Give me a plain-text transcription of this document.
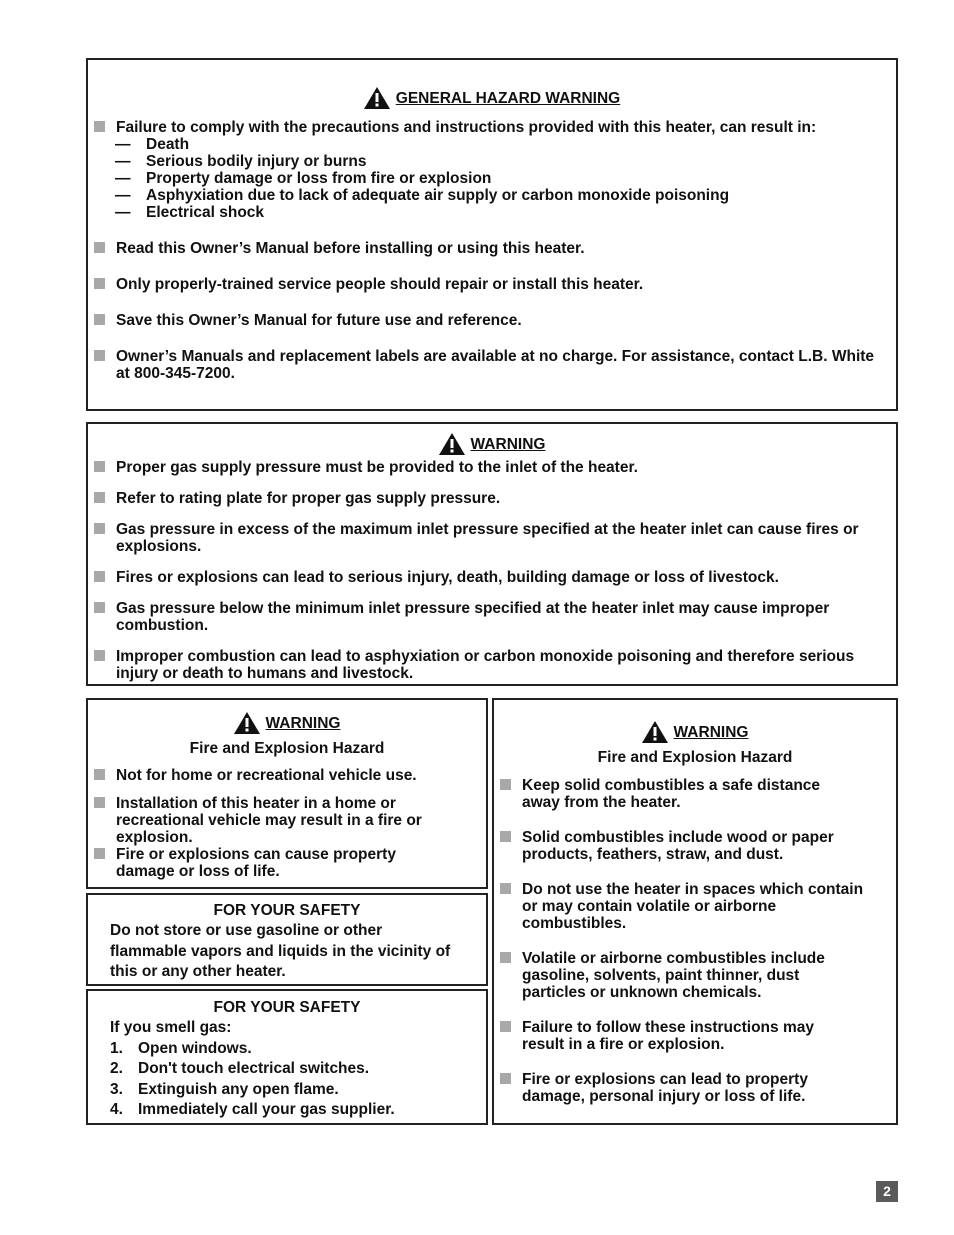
GENERAL HAZARD WARNING
Failure to comply with the precautions and instructions provided with this heater, can result in:
— Death
— Serious bodily injury or burns
— Property damage or loss from fire or explosion
— Asphyxiation due to lack of adequate air supply or carbon monoxide poisoning
— Electrical shock
Read this Owner’s Manual before installing or using this heater.
Only properly-trained service people should repair or install this heater.
Save this Owner’s Manual for future use and reference.
Owner’s Manuals and replacement labels are available at no charge. For assistance, contact L.B. White at 800-345-7200.
WARNING
Proper gas supply pressure must be provided to the inlet of the heater.
Refer to rating plate for proper gas supply pressure.
Gas pressure in excess of the maximum inlet pressure specified at the heater inlet can cause fires or explosions.
Fires or explosions can lead to serious injury, death, building damage or loss of livestock.
Gas pressure below the minimum inlet pressure specified at the heater inlet may cause improper combustion.
Improper combustion can lead to asphyxiation or carbon monoxide poisoning and therefore serious injury or death to humans and livestock.
WARNING
Fire and Explosion Hazard
Not for home or recreational vehicle use.
Installation of this heater in a home or recreational vehicle may result in a fire or explosion.
Fire or explosions can cause property damage or loss of life.
FOR YOUR SAFETY
Do not store or use gasoline or other
flammable vapors and liquids in the vicinity of
this or any other heater.
FOR YOUR SAFETY
If you smell gas:
1. Open windows.
2. Don't touch electrical switches.
3. Extinguish any open flame.
4. Immediately call your gas supplier.
WARNING
Fire and Explosion Hazard
Keep solid combustibles a safe distance away from the heater.
Solid combustibles include wood or paper products, feathers, straw, and dust.
Do not use the heater in spaces which contain or may contain volatile or airborne combustibles.
Volatile or airborne combustibles include gasoline, solvents, paint thinner, dust particles or unknown chemicals.
Failure to follow these instructions may result in a fire or explosion.
Fire or explosions can lead to property damage, personal injury or loss of life.
2
